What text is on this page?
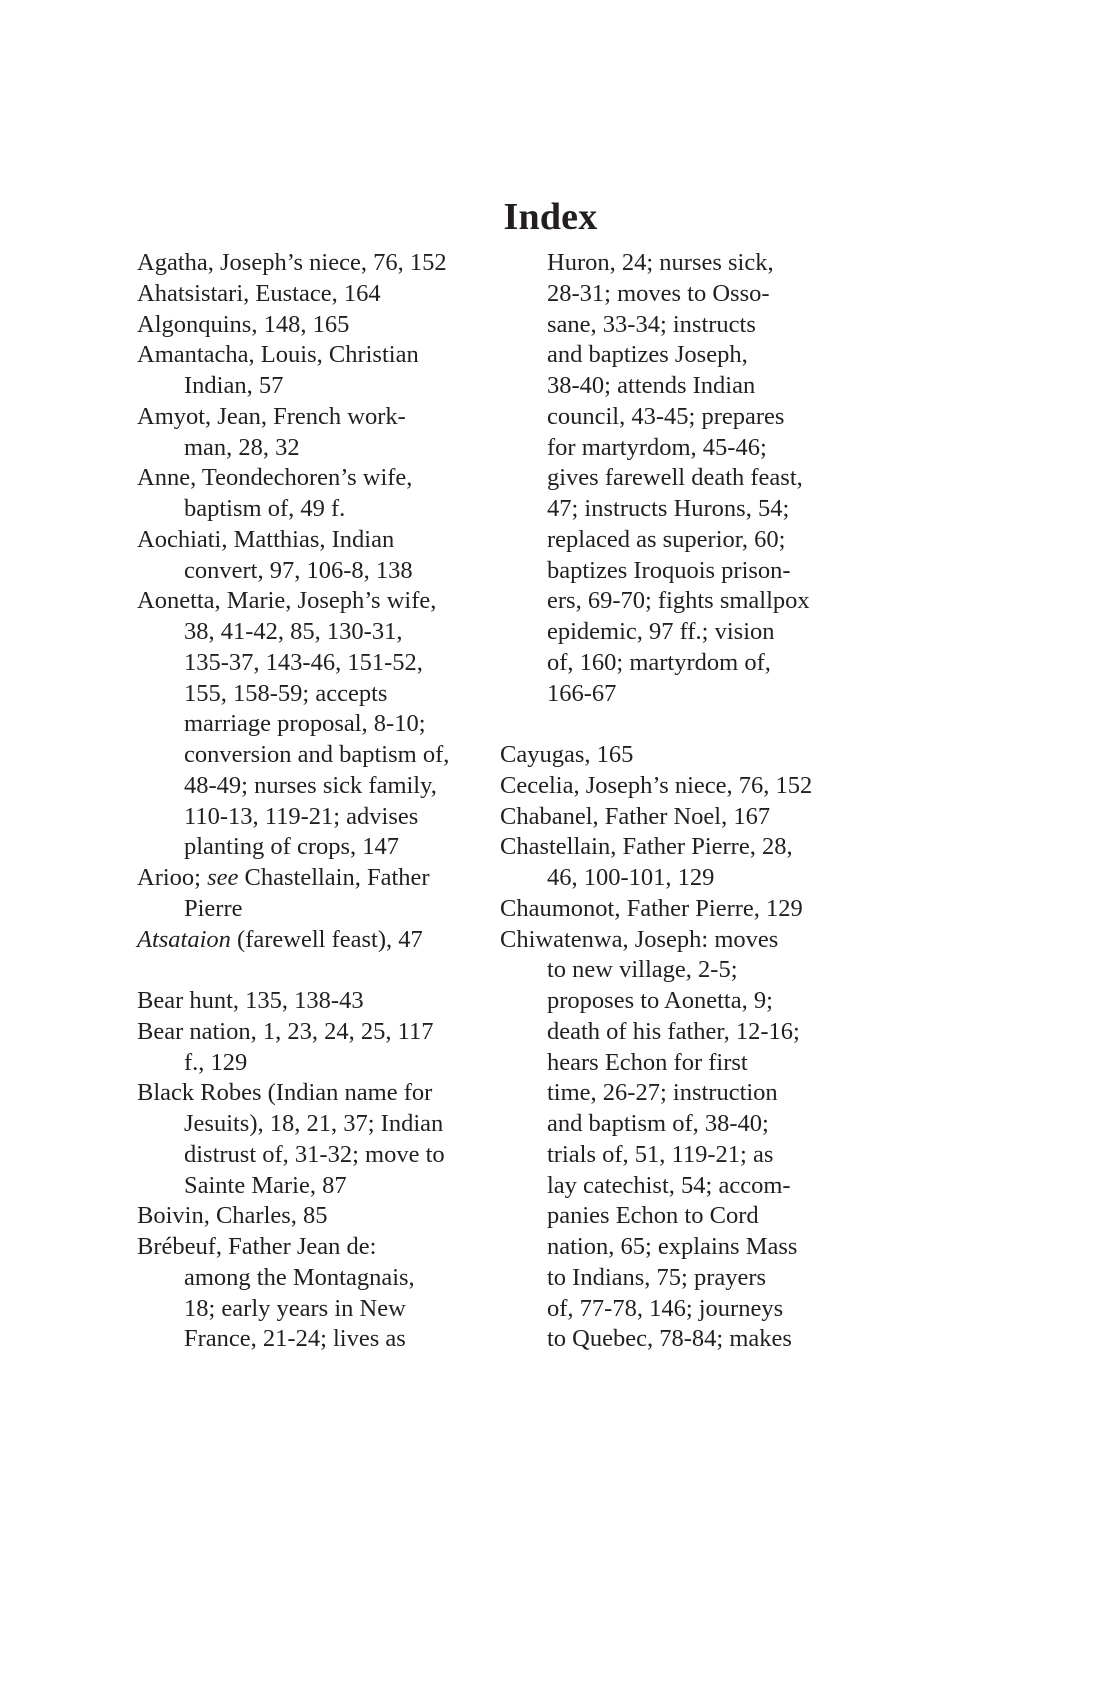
Index
Agatha, Joseph’s niece, 76, 152
Ahatsistari, Eustace, 164
Algonquins, 148, 165
Amantacha, Louis, Christian
Indian, 57
Amyot, Jean, French work-
man, 28, 32
Anne, Teondechoren’s wife,
baptism of, 49 f.
Aochiati, Matthias, Indian
convert, 97, 106-8, 138
Aonetta, Marie, Joseph’s wife,
38, 41-42, 85, 130-31,
135-37, 143-46, 151-52,
155, 158-59; accepts
marriage proposal, 8-10;
conversion and baptism of,
48-49; nurses sick family,
110-13, 119-21; advises
planting of crops, 147
Arioo; see Chastellain, Father
Pierre
Atsataion (farewell feast), 47
Bear hunt, 135, 138-43
Bear nation, 1, 23, 24, 25, 117
f., 129
Black Robes (Indian name for
Jesuits), 18, 21, 37; Indian
distrust of, 31-32; move to
Sainte Marie, 87
Boivin, Charles, 85
Brébeuf, Father Jean de:
among the Montagnais,
18; early years in New
France, 21-24; lives as
Huron, 24; nurses sick,
28-31; moves to Osso-
sane, 33-34; instructs
and baptizes Joseph,
38-40; attends Indian
council, 43-45; prepares
for martyrdom, 45-46;
gives farewell death feast,
47; instructs Hurons, 54;
replaced as superior, 60;
baptizes Iroquois prison-
ers, 69-70; fights smallpox
epidemic, 97 ff.; vision
of, 160; martyrdom of,
166-67
Cayugas, 165
Cecelia, Joseph’s niece, 76, 152
Chabanel, Father Noel, 167
Chastellain, Father Pierre, 28,
46, 100-101, 129
Chaumonot, Father Pierre, 129
Chiwatenwa, Joseph: moves
to new village, 2-5;
proposes to Aonetta, 9;
death of his father, 12-16;
hears Echon for first
time, 26-27; instruction
and baptism of, 38-40;
trials of, 51, 119-21; as
lay catechist, 54; accom-
panies Echon to Cord
nation, 65; explains Mass
to Indians, 75; prayers
of, 77-78, 146; journeys
to Quebec, 78-84; makes
